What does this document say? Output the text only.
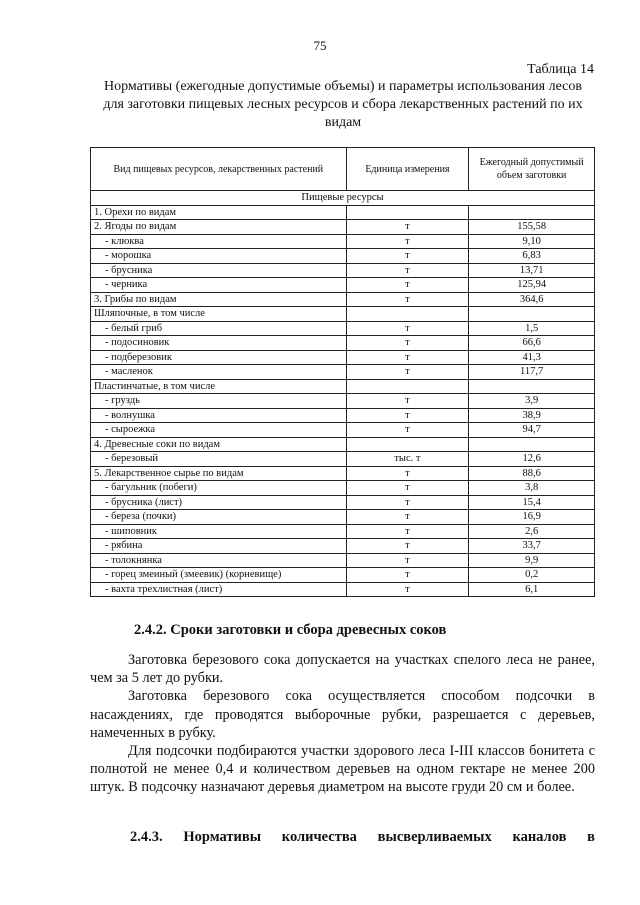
75
Таблица 14
Нормативы (ежегодные допустимые объемы) и параметры использования лесов для заготовки пищевых лесных ресурсов и сбора лекарственных растений по их видам
Вид пищевых ресурсов, лекарственных растений	Единица измерения	Ежегодный допустимый объем заготовки
Пищевые ресурсы		
1. Орехи по видам		
2. Ягоды по видам	т	155,58
- клюква	т	9,10
- морошка	т	6,83
- брусника	т	13,71
- черника	т	125,94
3. Грибы по видам	т	364,6
Шляпочные, в том числе		
- белый гриб	т	1,5
- подосиновик	т	66,6
- подберезовик	т	41,3
- масленок	т	117,7
Пластинчатые, в том числе		
- груздь	т	3,9
- волнушка	т	38,9
- сыроежка	т	94,7
4. Древесные соки по видам		
- березовый	тыс. т	12,6
5. Лекарственное сырье по видам	т	88,6
- багульник (побеги)	т	3,8
- брусника (лист)	т	15,4
- береза (почки)	т	16,9
- шиповник	т	2,6
- рябина	т	33,7
- толокнянка	т	9,9
- горец змеиный (змеевик) (корневище)	т	0,2
- вахта трехлистная (лист)	т	6,1
2.4.2. Сроки заготовки и сбора древесных соков

Заготовка березового сока допускается на участках спелого леса не ранее, чем за 5 лет до рубки.

Заготовка березового сока осуществляется способом подсочки в насаждениях, где проводятся выборочные рубки, разрешается с деревьев, намеченных в рубку.

Для подсочки подбираются участки здорового леса I-III классов бонитета с полнотой не менее 0,4 и количеством деревьев на одном гектаре не менее 200 штук. В подсочку назначают деревья диаметром на высоте груди 20 см и более.

2.4.3. Нормативы количества высверливаемых каналов в
